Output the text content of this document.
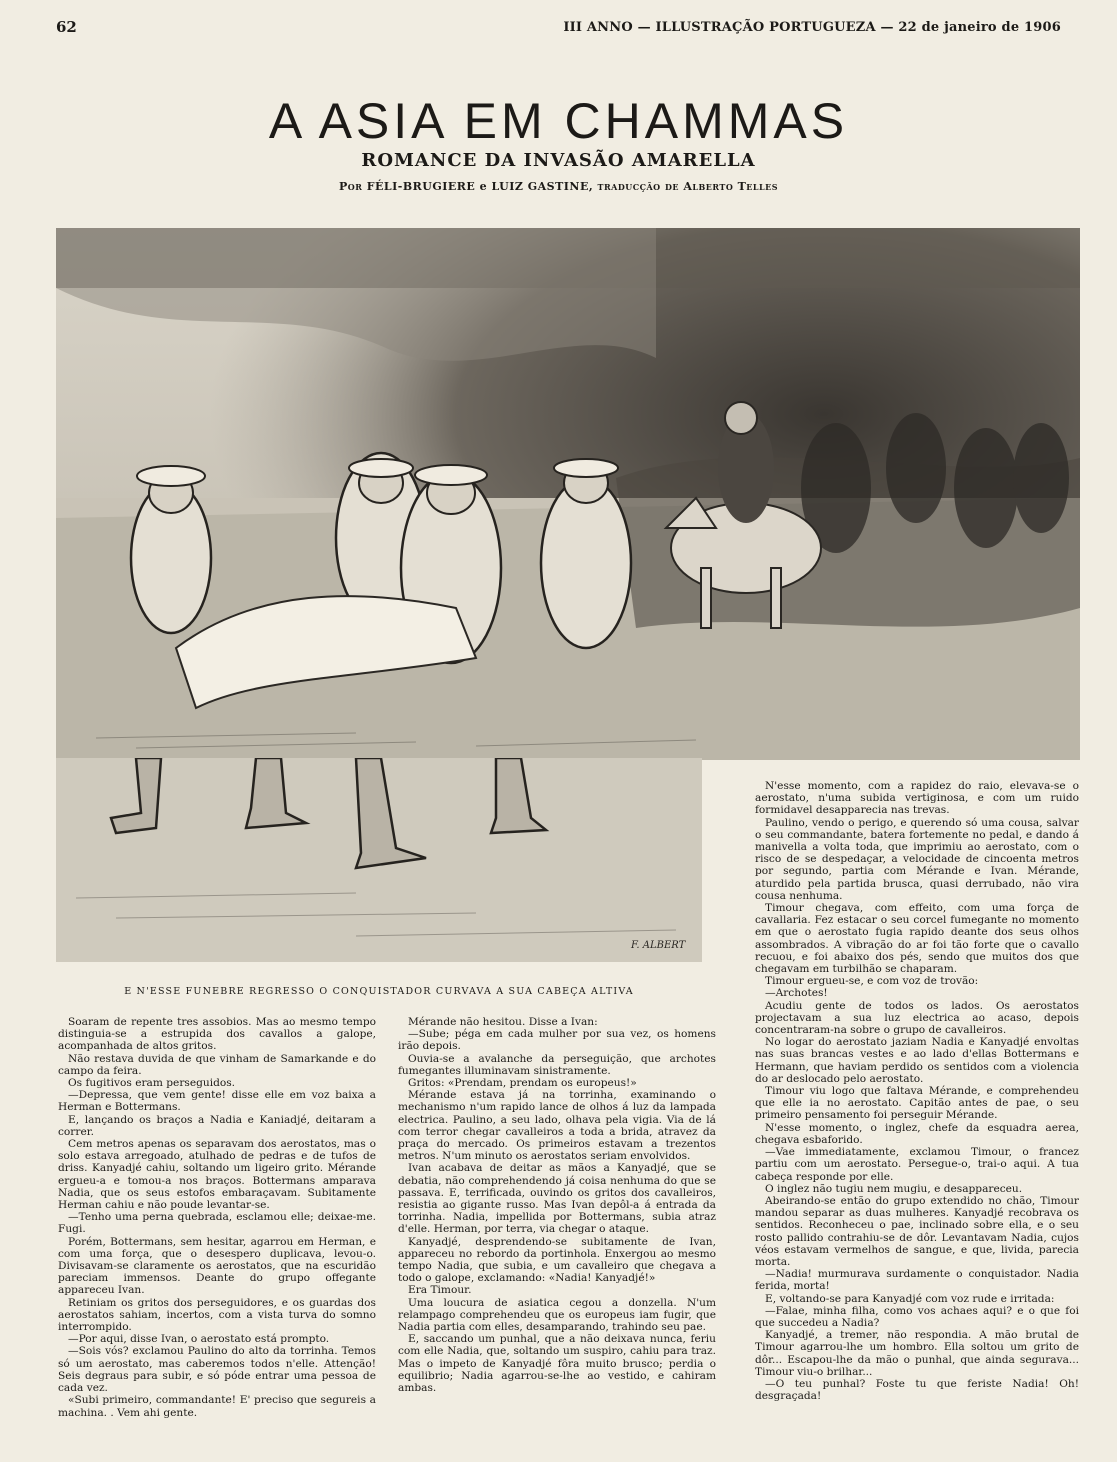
62	III ANNO — ILLUSTRAÇÃO PORTUGUEZA — 22 de janeiro de 1906
A ASIA EM CHAMMAS
ROMANCE DA INVASÃO AMARELLA
Por FÉLI-BRUGIERE e LUIZ GASTINE, traducção de Alberto Telles
F. ALBERT
E N'ESSE FUNEBRE REGRESSO O CONQUISTADOR CURVAVA A SUA CABEÇA ALTIVA

Soaram de repente tres assobios. Mas ao mesmo tempo distinguia-se a estrupida dos cavallos a galope, acompanhada de altos gritos.

Não restava duvida de que vinham de Samarkande e do campo da feira.

Os fugitivos eram perseguidos.

—Depressa, que vem gente! disse elle em voz baixa a Herman e Bottermans.

E, lançando os braços a Nadia e Kaniadjé, deitaram a correr.

Cem metros apenas os separavam dos aerostatos, mas o solo estava arregoado, atulhado de pedras e de tufos de driss. Kanyadjé cahiu, soltando um ligeiro grito. Mérande ergueu-a e tomou-a nos braços. Bottermans amparava Nadia, que os seus estofos embaraçavam. Subitamente Herman cahiu e não poude levantar-se.

—Tenho uma perna quebrada, esclamou elle; deixae-me. Fugi.

Porém, Bottermans, sem hesitar, agarrou em Herman, e com uma força, que o desespero duplicava, levou-o. Divisavam-se claramente os aerostatos, que na escuridão pareciam immensos. Deante do grupo offegante appareceu Ivan.

Retiniam os gritos dos perseguidores, e os guardas dos aerostatos sahiam, incertos, com a vista turva do somno interrompido.

—Por aqui, disse Ivan, o aerostato está prompto.

—Sois vós? exclamou Paulino do alto da torrinha. Temos só um aerostato, mas caberemos todos n'elle. Attenção! Seis degraus para subir, e só póde entrar uma pessoa de cada vez.

«Subi primeiro, commandante! E' preciso que segureis a machina. . Vem ahi gente.

Mérande não hesitou. Disse a Ivan:

—Sube; péga em cada mulher por sua vez, os homens irão depois.

Ouvia-se a avalanche da perseguição, que archotes fumegantes illuminavam sinistramente.

Gritos: «Prendam, prendam os europeus!»

Mérande estava já na torrinha, examinando o mechanismo n'um rapido lance de olhos á luz da lampada electrica. Paulino, a seu lado, olhava pela vigia. Via de lá com terror chegar cavalleiros a toda a brida, atravez da praça do mercado. Os primeiros estavam a trezentos metros. N'um minuto os aerostatos seriam envolvidos.

Ivan acabava de deitar as mãos a Kanyadjé, que se debatia, não comprehendendo já coisa nenhuma do que se passava. E, terrificada, ouvindo os gritos dos cavalleiros, resistia ao gigante russo. Mas Ivan depôl-a á entrada da torrinha. Nadia, impellida por Bottermans, subia atraz d'elle. Herman, por terra, via chegar o ataque.

Kanyadjé, desprendendo-se subitamente de Ivan, appareceu no rebordo da portinhola. Enxergou ao mesmo tempo Nadia, que subia, e um cavalleiro que chegava a todo o galope, exclamando: «Nadia! Kanyadjé!»

Era Timour.

Uma loucura de asiatica cegou a donzella. N'um relampago comprehendeu que os europeus iam fugir, que Nadia partia com elles, desamparando, trahindo seu pae.

E, saccando um punhal, que a não deixava nunca, feriu com elle Nadia, que, soltando um suspiro, cahiu para traz. Mas o impeto de Kanyadjé fôra muito brusco; perdia o equilibrio; Nadia agarrou-se-lhe ao vestido, e cahiram ambas.

N'esse momento, com a rapidez do raio, elevava-se o aerostato, n'uma subida vertiginosa, e com um ruido formidavel desapparecia nas trevas.

Paulino, vendo o perigo, e querendo só uma cousa, salvar o seu commandante, batera fortemente no pedal, e dando á manivella a volta toda, que imprimiu ao aerostato, com o risco de se despedaçar, a velocidade de cincoenta metros por segundo, partia com Mérande e Ivan. Mérande, aturdido pela partida brusca, quasi derrubado, não vira cousa nenhuma.

Timour chegava, com effeito, com uma força de cavallaria. Fez estacar o seu corcel fumegante no momento em que o aerostato fugia rapido deante dos seus olhos assombrados. A vibração do ar foi tão forte que o cavallo recuou, e foi abaixo dos pés, sendo que muitos dos que chegavam em turbilhão se chaparam.

Timour ergueu-se, e com voz de trovão:

—Archotes!

Acudiu gente de todos os lados. Os aerostatos projectavam a sua luz electrica ao acaso, depois concentraram-na sobre o grupo de cavalleiros.

No logar do aerostato jaziam Nadia e Kanyadjé envoltas nas suas brancas vestes e ao lado d'ellas Bottermans e Hermann, que haviam perdido os sentidos com a violencia do ar deslocado pelo aerostato.

Timour viu logo que faltava Mérande, e comprehendeu que elle ia no aerostato. Capitão antes de pae, o seu primeiro pensamento foi perseguir Mérande.

N'esse momento, o inglez, chefe da esquadra aerea, chegava esbaforido.

—Vae immediatamente, exclamou Timour, o francez partiu com um aerostato. Persegue-o, trai-o aqui. A tua cabeça responde por elle.

O inglez não tugiu nem mugiu, e desappareceu.

Abeirando-se então do grupo extendido no chão, Timour mandou separar as duas mulheres. Kanyadjé recobrava os sentidos. Reconheceu o pae, inclinado sobre ella, e o seu rosto pallido contrahiu-se de dôr. Levantavam Nadia, cujos véos estavam vermelhos de sangue, e que, livida, parecia morta.

—Nadia! murmurava surdamente o conquistador. Nadia ferida, morta!

E, voltando-se para Kanyadjé com voz rude e irritada:

—Falae, minha filha, como vos achaes aqui? e o que foi que succedeu a Nadia?

Kanyadjé, a tremer, não respondia. A mão brutal de Timour agarrou-lhe um hombro. Ella soltou um grito de dôr... Escapou-lhe da mão o punhal, que ainda segurava... Timour viu-o brilhar...

—O teu punhal? Foste tu que feriste Nadia! Oh! desgraçada!
